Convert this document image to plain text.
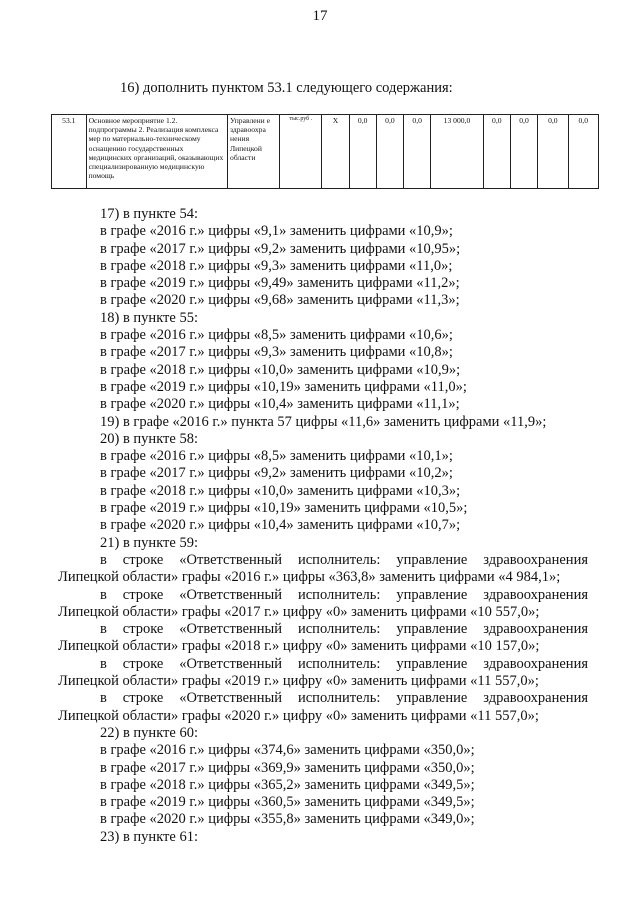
17
16) дополнить пунктом 53.1 следующего содержания:
53.1	Основное мероприятие 1.2. подпрограммы 2. Реализация комплекса мер по материально-техническому оснащению государственных медицинских организаций, оказывающих специализированную медицинскую помощь	Управлени е здравоохра нения Липецкой области	тыс.руб .	X	0,0	0,0	0,0	13 000,0	0,0	0,0	0,0	0,0
17) в пункте 54:
в графе «2016 г.» цифры «9,1» заменить цифрами «10,9»;
в графе «2017 г.» цифры «9,2» заменить цифрами «10,95»;
в графе «2018 г.» цифры «9,3» заменить цифрами «11,0»;
в графе «2019 г.» цифры «9,49» заменить цифрами «11,2»;
в графе «2020 г.» цифры «9,68» заменить цифрами «11,3»;
18) в пункте 55:
в графе «2016 г.» цифры «8,5» заменить цифрами «10,6»;
в графе «2017 г.» цифры «9,3» заменить цифрами «10,8»;
в графе «2018 г.» цифры «10,0» заменить цифрами «10,9»;
в графе «2019 г.» цифры «10,19» заменить цифрами «11,0»;
в графе «2020 г.» цифры «10,4» заменить цифрами «11,1»;
19) в графе «2016 г.» пункта 57 цифры «11,6» заменить цифрами «11,9»;
20) в пункте 58:
в графе «2016 г.» цифры «8,5» заменить цифрами «10,1»;
в графе «2017 г.» цифры «9,2» заменить цифрами «10,2»;
в графе «2018 г.» цифры «10,0» заменить цифрами «10,3»;
в графе «2019 г.» цифры «10,19» заменить цифрами «10,5»;
в графе «2020 г.» цифры «10,4» заменить цифрами «10,7»;
21) в пункте 59:
в строке «Ответственный исполнитель: управление здравоохранения
Липецкой области» графы «2016 г.» цифры «363,8» заменить цифрами «4 984,1»;
в строке «Ответственный исполнитель: управление здравоохранения
Липецкой области» графы «2017 г.» цифру «0» заменить цифрами «10 557,0»;
в строке «Ответственный исполнитель: управление здравоохранения
Липецкой области» графы «2018 г.» цифру «0» заменить цифрами «10 157,0»;
в строке «Ответственный исполнитель: управление здравоохранения
Липецкой области» графы «2019 г.» цифру «0» заменить цифрами «11 557,0»;
в строке «Ответственный исполнитель: управление здравоохранения
Липецкой области» графы «2020 г.» цифру «0» заменить цифрами «11 557,0»;
22) в пункте 60:
в графе «2016 г.» цифры «374,6» заменить цифрами «350,0»;
в графе «2017 г.» цифры «369,9» заменить цифрами «350,0»;
в графе «2018 г.» цифры «365,2» заменить цифрами «349,5»;
в графе «2019 г.» цифры «360,5» заменить цифрами «349,5»;
в графе «2020 г.» цифры «355,8» заменить цифрами «349,0»;
23) в пункте 61:
